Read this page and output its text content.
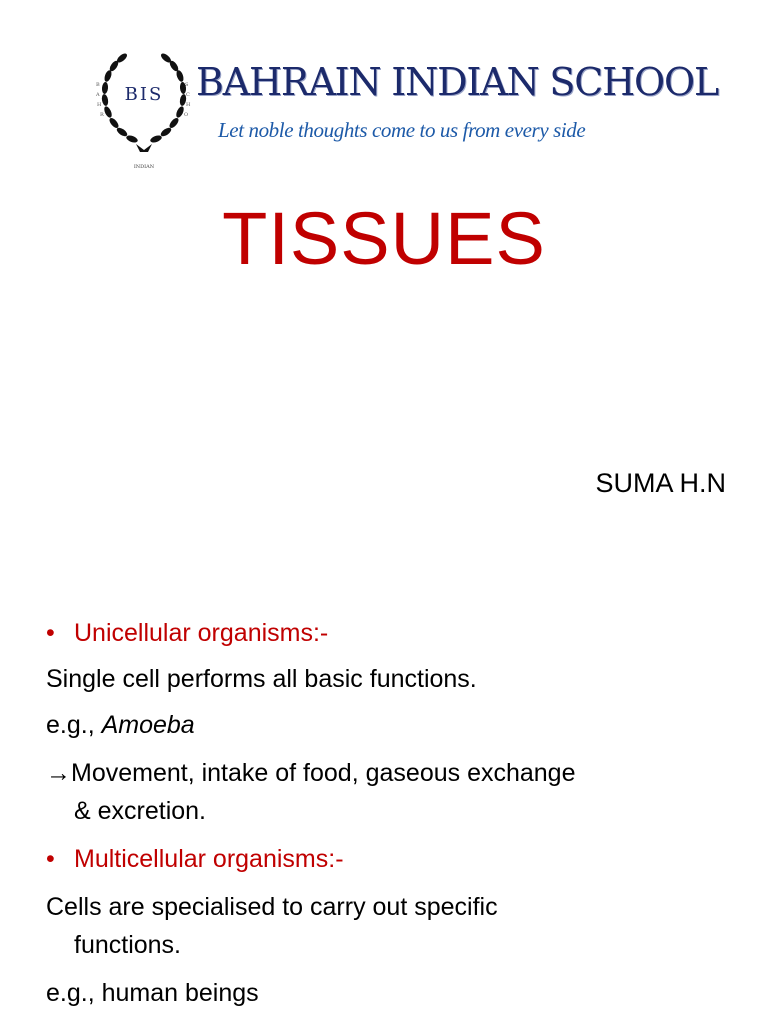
B
A
H
R
S
C
H
O
BIS
INDIAN
BAHRAIN INDIAN SCHOOL
Let noble thoughts come to us from every side
TISSUES
SUMA H.N
• Unicellular organisms:-
Single cell performs all basic functions.
e.g., Amoeba
→Movement, intake of food, gaseous exchange
& excretion.
• Multicellular organisms:-
Cells are specialised to carry out specific
functions.
e.g., human beings
